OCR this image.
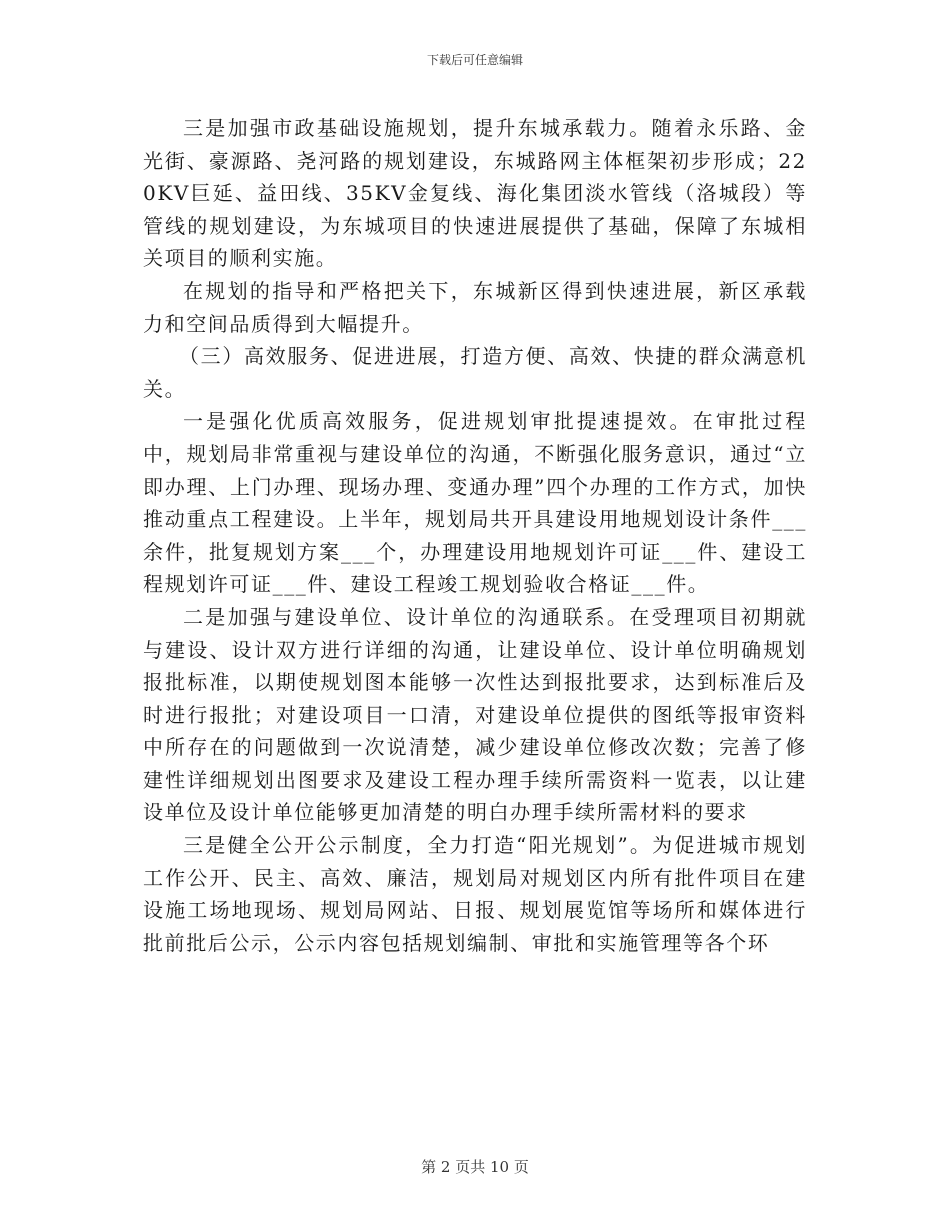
下载后可任意编辑

三是加强市政基础设施规划，提升东城承载力。随着永乐路、金光街、豪源路、尧河路的规划建设，东城路网主体框架初步形成；220KV巨延、益田线、35KV金复线、海化集团淡水管线（洛城段）等管线的规划建设，为东城项目的快速进展提供了基础，保障了东城相关项目的顺利实施。

在规划的指导和严格把关下，东城新区得到快速进展，新区承载力和空间品质得到大幅提升。

（三）高效服务、促进进展，打造方便、高效、快捷的群众满意机关。

一是强化优质高效服务，促进规划审批提速提效。在审批过程中，规划局非常重视与建设单位的沟通，不断强化服务意识，通过“立即办理、上门办理、现场办理、变通办理”四个办理的工作方式，加快推动重点工程建设。上半年，规划局共开具建设用地规划设计条件___余件，批复规划方案___个，办理建设用地规划许可证___件、建设工程规划许可证___件、建设工程竣工规划验收合格证___件。

二是加强与建设单位、设计单位的沟通联系。在受理项目初期就与建设、设计双方进行详细的沟通，让建设单位、设计单位明确规划报批标准，以期使规划图本能够一次性达到报批要求，达到标准后及时进行报批；对建设项目一口清，对建设单位提供的图纸等报审资料中所存在的问题做到一次说清楚，减少建设单位修改次数；完善了修建性详细规划出图要求及建设工程办理手续所需资料一览表，以让建设单位及设计单位能够更加清楚的明白办理手续所需材料的要求

三是健全公开公示制度，全力打造“阳光规划”。为促进城市规划工作公开、民主、高效、廉洁，规划局对规划区内所有批件项目在建设施工场地现场、规划局网站、日报、规划展览馆等场所和媒体进行批前批后公示，公示内容包括规划编制、审批和实施管理等各个环

第 2 页共 10 页
